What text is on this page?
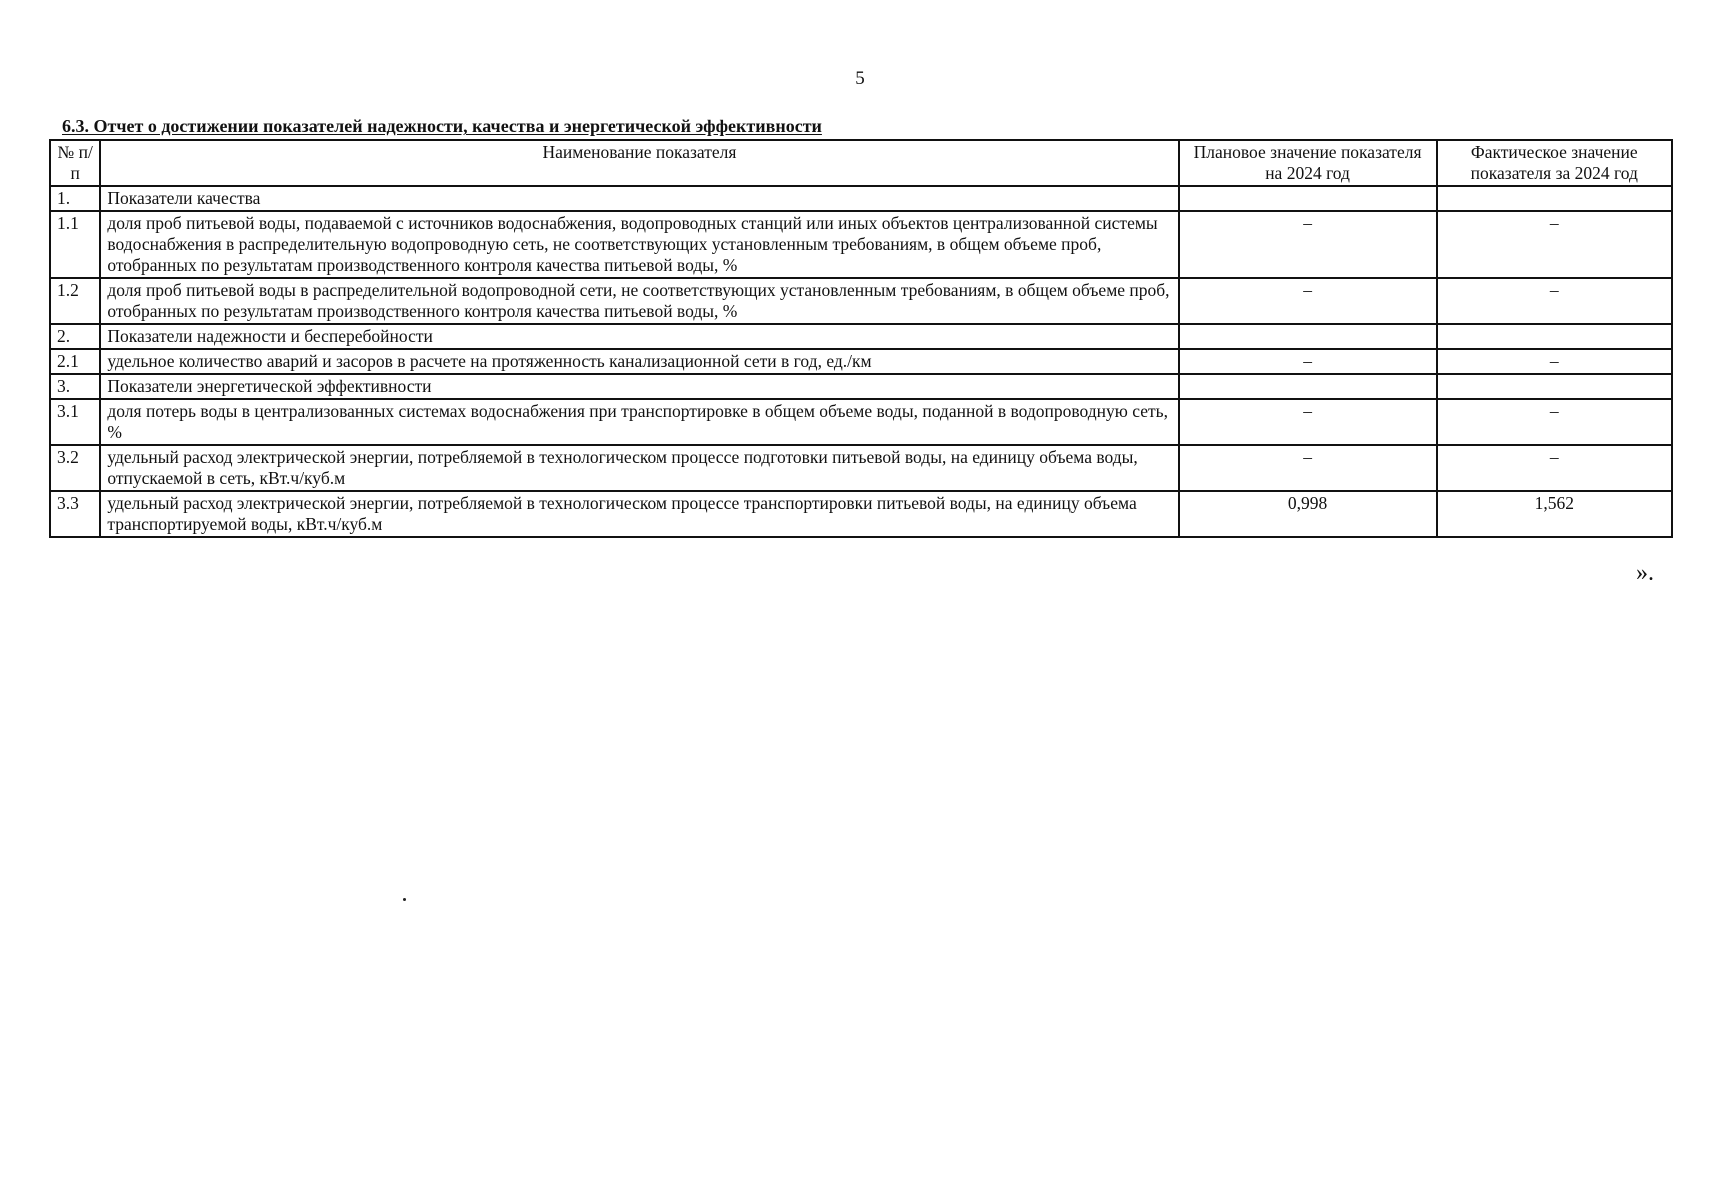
5
6.3. Отчет о достижении показателей надежности, качества и энергетической эффективности
№ п/п	Наименование показателя	Плановое значение показателя на 2024 год	Фактическое значение показателя за 2024 год
1.	Показатели качества		
1.1	доля проб питьевой воды, подаваемой с источников водоснабжения, водопроводных станций или иных объектов централизованной системы водоснабжения в распределительную водопроводную сеть, не соответствующих установленным требованиям, в общем объеме проб, отобранных по результатам производственного контроля качества питьевой воды, %	–	–
1.2	доля проб питьевой воды в распределительной водопроводной сети, не соответствующих установленным требованиям, в общем объеме проб, отобранных по результатам производственного контроля качества питьевой воды, %	–	–
2.	Показатели надежности и бесперебойности		
2.1	удельное количество аварий и засоров в расчете на протяженность канализационной сети в год, ед./км	–	–
3.	Показатели энергетической эффективности		
3.1	доля потерь воды в централизованных системах водоснабжения при транспортировке в общем объеме воды, поданной в водопроводную сеть, %	–	–
3.2	удельный расход электрической энергии, потребляемой в технологическом процессе подготовки питьевой воды, на единицу объема воды, отпускаемой в сеть, кВт.ч/куб.м	–	–
3.3	удельный расход электрической энергии, потребляемой в технологическом процессе транспортировки питьевой воды, на единицу объема транспортируемой воды, кВт.ч/куб.м	0,998	1,562
».
